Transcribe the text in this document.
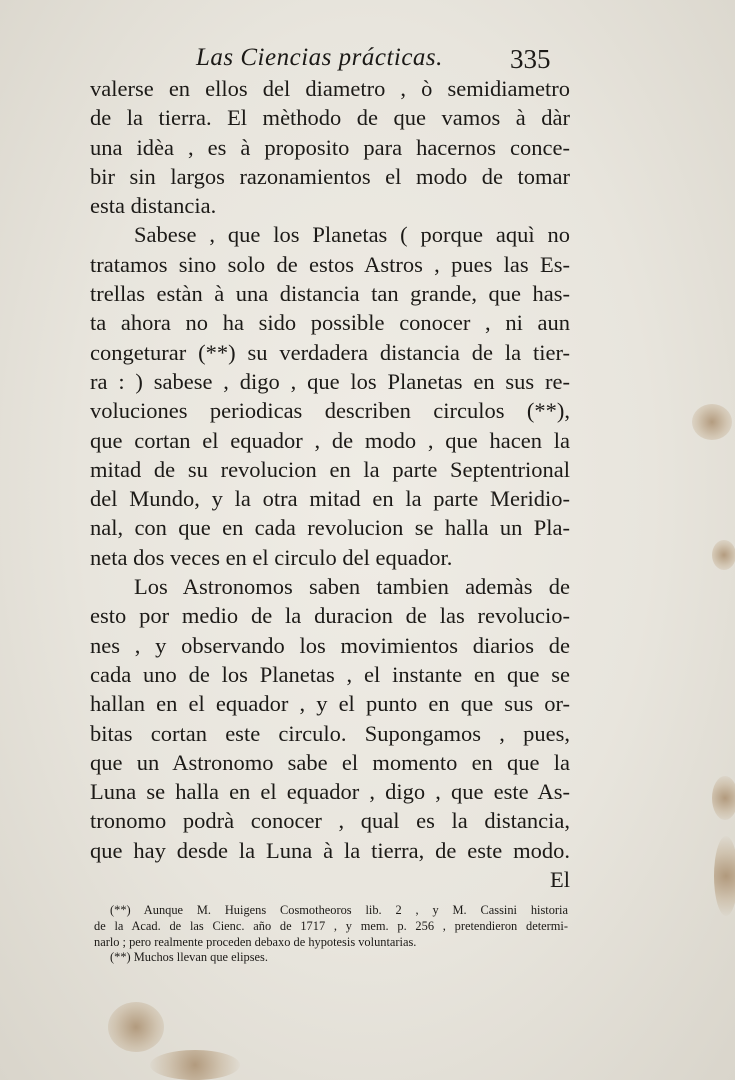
Las Ciencias prácticas. 335
valerse en ellos del diametro , ò semidiametro
de la tierra. El mèthodo de que vamos à dàr
una idèa , es à proposito para hacernos conce-
bir sin largos razonamientos el modo de tomar
esta distancia.
Sabese , que los Planetas ( porque aquì no
tratamos sino solo de estos Astros , pues las Es-
trellas estàn à una distancia tan grande, que has-
ta ahora no ha sido possible conocer , ni aun
congeturar (**) su verdadera distancia de la tier-
ra : ) sabese , digo , que los Planetas en sus re-
voluciones periodicas describen circulos (**),
que cortan el equador , de modo , que hacen la
mitad de su revolucion en la parte Septentrional
del Mundo, y la otra mitad en la parte Meridio-
nal, con que en cada revolucion se halla un Pla-
neta dos veces en el circulo del equador.
Los Astronomos saben tambien ademàs de
esto por medio de la duracion de las revolucio-
nes , y observando los movimientos diarios de
cada uno de los Planetas , el instante en que se
hallan en el equador , y el punto en que sus or-
bitas cortan este circulo. Supongamos , pues,
que un Astronomo sabe el momento en que la
Luna se halla en el equador , digo , que este As-
tronomo podrà conocer , qual es la distancia,
que hay desde la Luna à la tierra, de este modo.
El
(**) Aunque M. Huigens Cosmotheoros lib. 2 , y M. Cassini historia
de la Acad. de las Cienc. año de 1717 , y mem. p. 256 , pretendieron determi-
narlo ; pero realmente proceden debaxo de hypotesis voluntarias.
(**) Muchos llevan que elipses.
